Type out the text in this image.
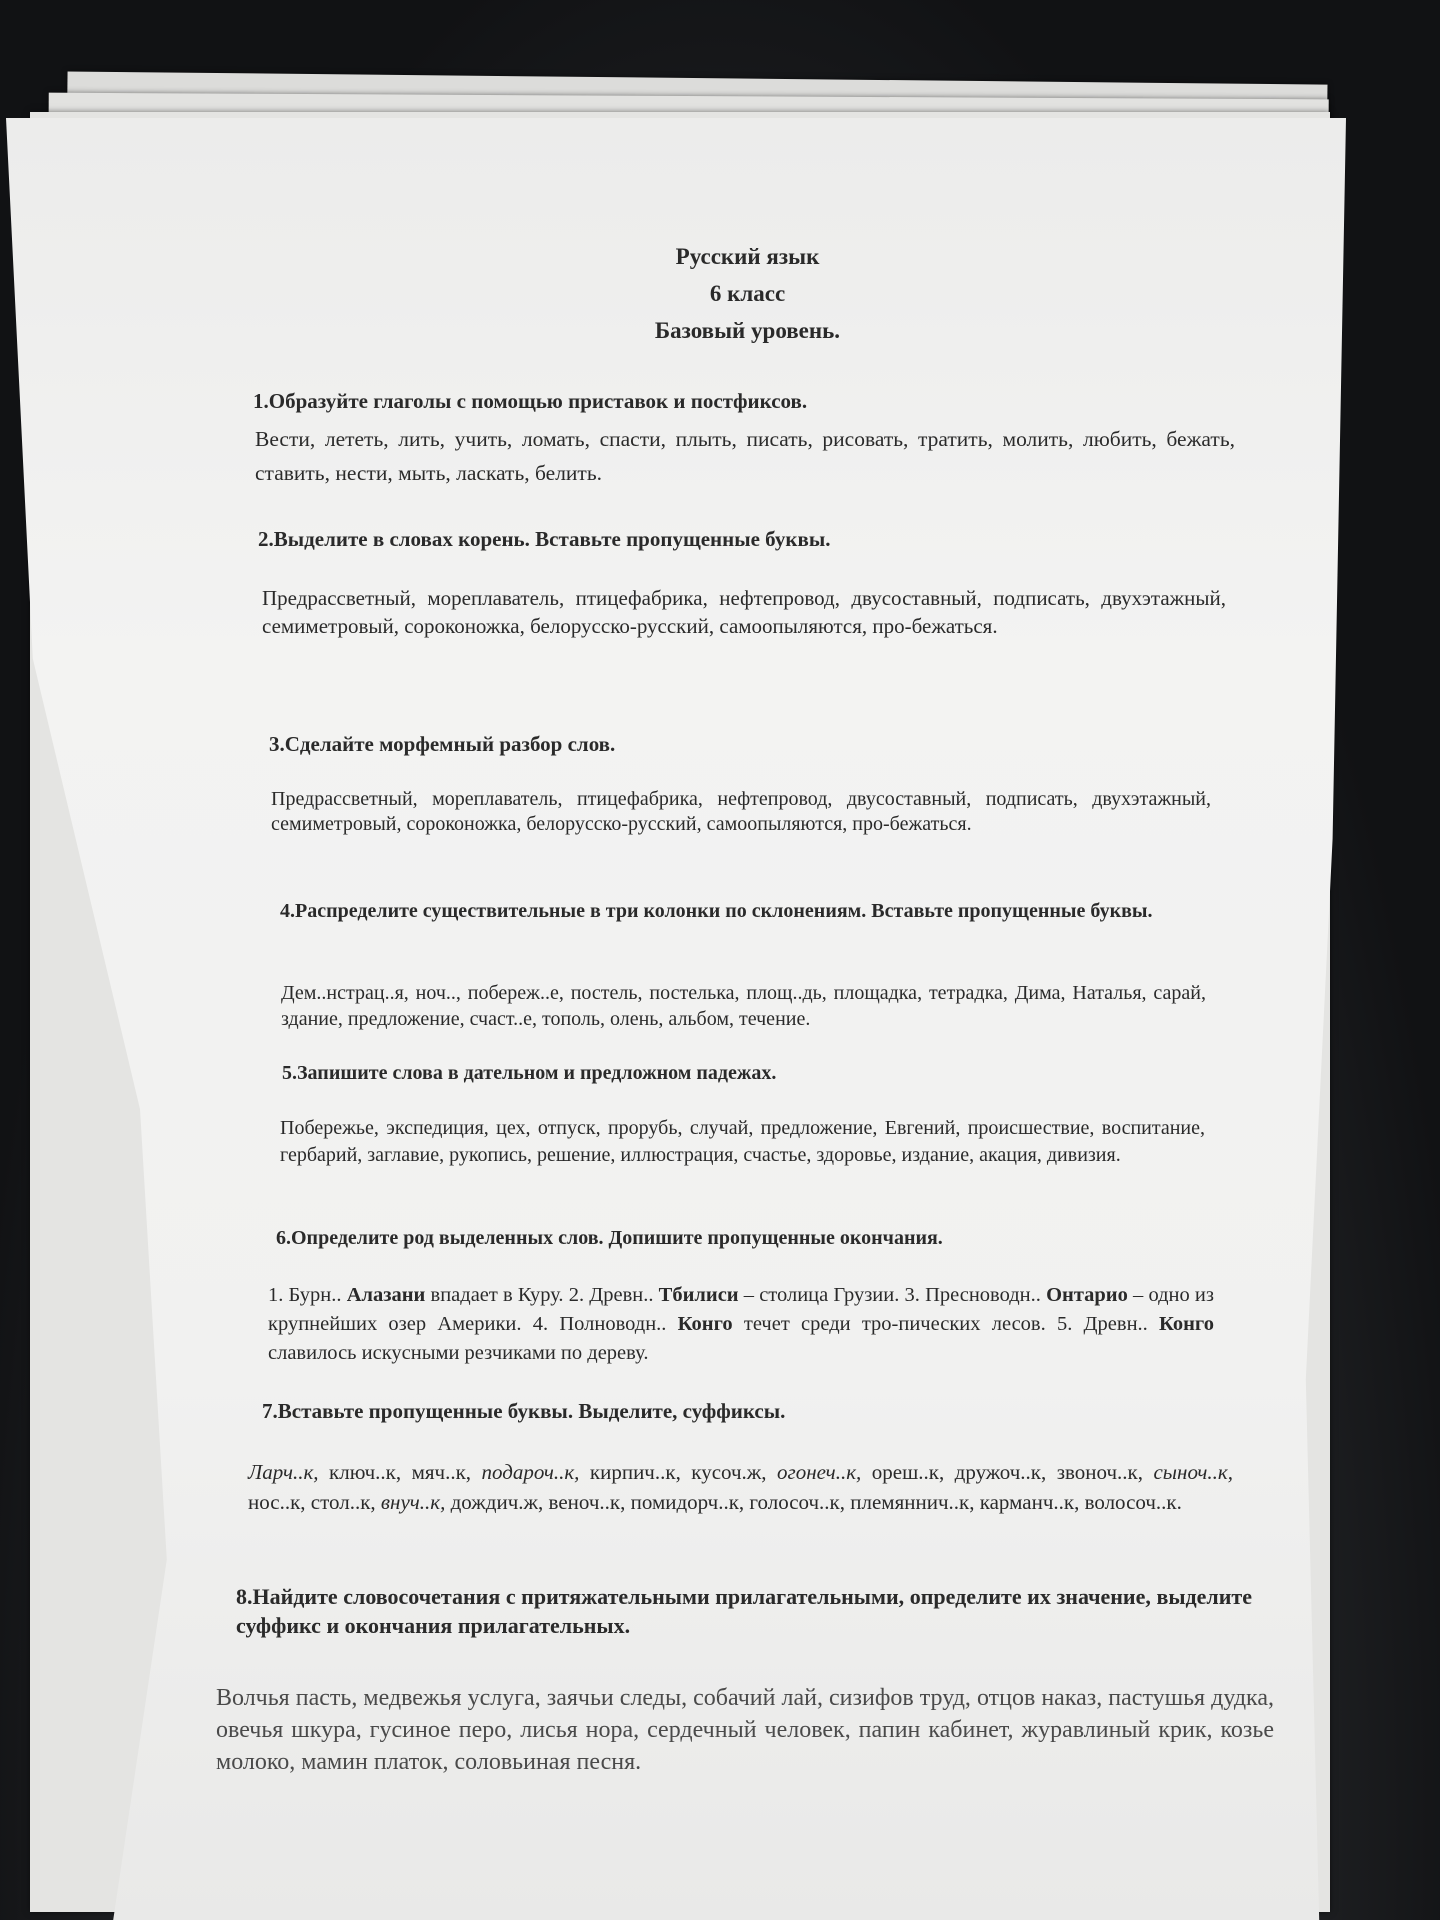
Русский язык
6 класс
Базовый уровень.
1.Образуйте глаголы с помощью приставок и постфиксов.
Вести, лететь, лить, учить, ломать, спасти, плыть, писать, рисовать, тратить, молить, любить, бежать, ставить, нести, мыть, ласкать, белить.
2.Выделите в словах корень. Вставьте пропущенные буквы.
Предрассветный, мореплаватель, птицефабрика, нефтепровод, двусоставный, подписать, двухэтажный, семиметровый, сороконожка, белорусско-русский, самоопыляются, про-бежаться.
3.Сделайте морфемный разбор слов.
Предрассветный, мореплаватель, птицефабрика, нефтепровод, двусоставный, подписать, двухэтажный, семиметровый, сороконожка, белорусско-русский, самоопыляются, про-бежаться.
4.Распределите существительные в три колонки по склонениям. Вставьте пропущенные буквы.
Дем..нстрац..я, ноч.., побереж..е, постель, постелька, площ..дь, площадка, тетрадка, Дима, Наталья, сарай, здание, предложение, счаст..е, тополь, олень, альбом, течение.
5.Запишите слова в дательном и предложном падежах.
Побережье, экспедиция, цех, отпуск, прорубь, случай, предложение, Евгений, происшествие, воспитание, гербарий, заглавие, рукопись, решение, иллюстрация, счастье, здоровье, издание, акация, дивизия.
6.Определите род выделенных слов. Допишите пропущенные окончания.
1. Бурн.. Алазани впадает в Куру. 2. Древн.. Тбилиси – столица Грузии. 3. Пресноводн.. Онтарио – одно из крупнейших озер Америки. 4. Полноводн.. Конго течет среди тро-пических лесов. 5. Древн.. Конго славилось искусными резчиками по дереву.
7.Вставьте пропущенные буквы. Выделите, суффиксы.
Ларч..к, ключ..к, мяч..к, подароч..к, кирпич..к, кусоч.ж, огонеч..к, ореш..к, дружоч..к, звоноч..к, сыноч..к, нос..к, стол..к, внуч..к, дождич.ж, веноч..к, помидорч..к, голосоч..к, племяннич..к, карманч..к, волосоч..к.
8.Найдите словосочетания с притяжательными прилагательными, определите их значение, выделите суффикс и окончания прилагательных.
Волчья пасть, медвежья услуга, заячьи следы, собачий лай, сизифов труд, отцов наказ, пастушья дудка, овечья шкура, гусиное перо, лисья нора, сердечный человек, папин кабинет, журавлиный крик, козье молоко, мамин платок, соловьиная песня.
